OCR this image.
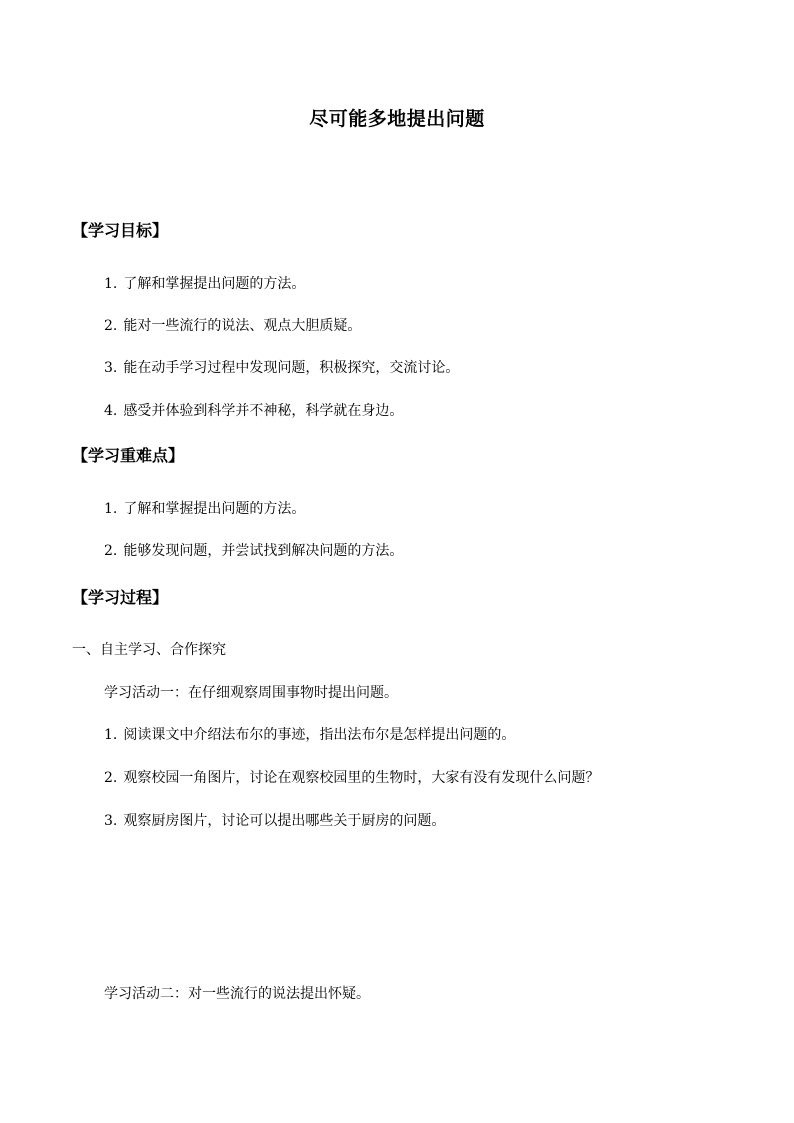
尽可能多地提出问题
【学习目标】
1. 了解和掌握提出问题的方法。
2. 能对一些流行的说法、观点大胆质疑。
3. 能在动手学习过程中发现问题，积极探究，交流讨论。
4. 感受并体验到科学并不神秘，科学就在身边。
【学习重难点】
1. 了解和掌握提出问题的方法。
2. 能够发现问题，并尝试找到解决问题的方法。
【学习过程】
一、自主学习、合作探究
学习活动一：在仔细观察周围事物时提出问题。
1. 阅读课文中介绍法布尔的事迹，指出法布尔是怎样提出问题的。
2. 观察校园一角图片，讨论在观察校园里的生物时，大家有没有发现什么问题？
3. 观察厨房图片，讨论可以提出哪些关于厨房的问题。
学习活动二：对一些流行的说法提出怀疑。
